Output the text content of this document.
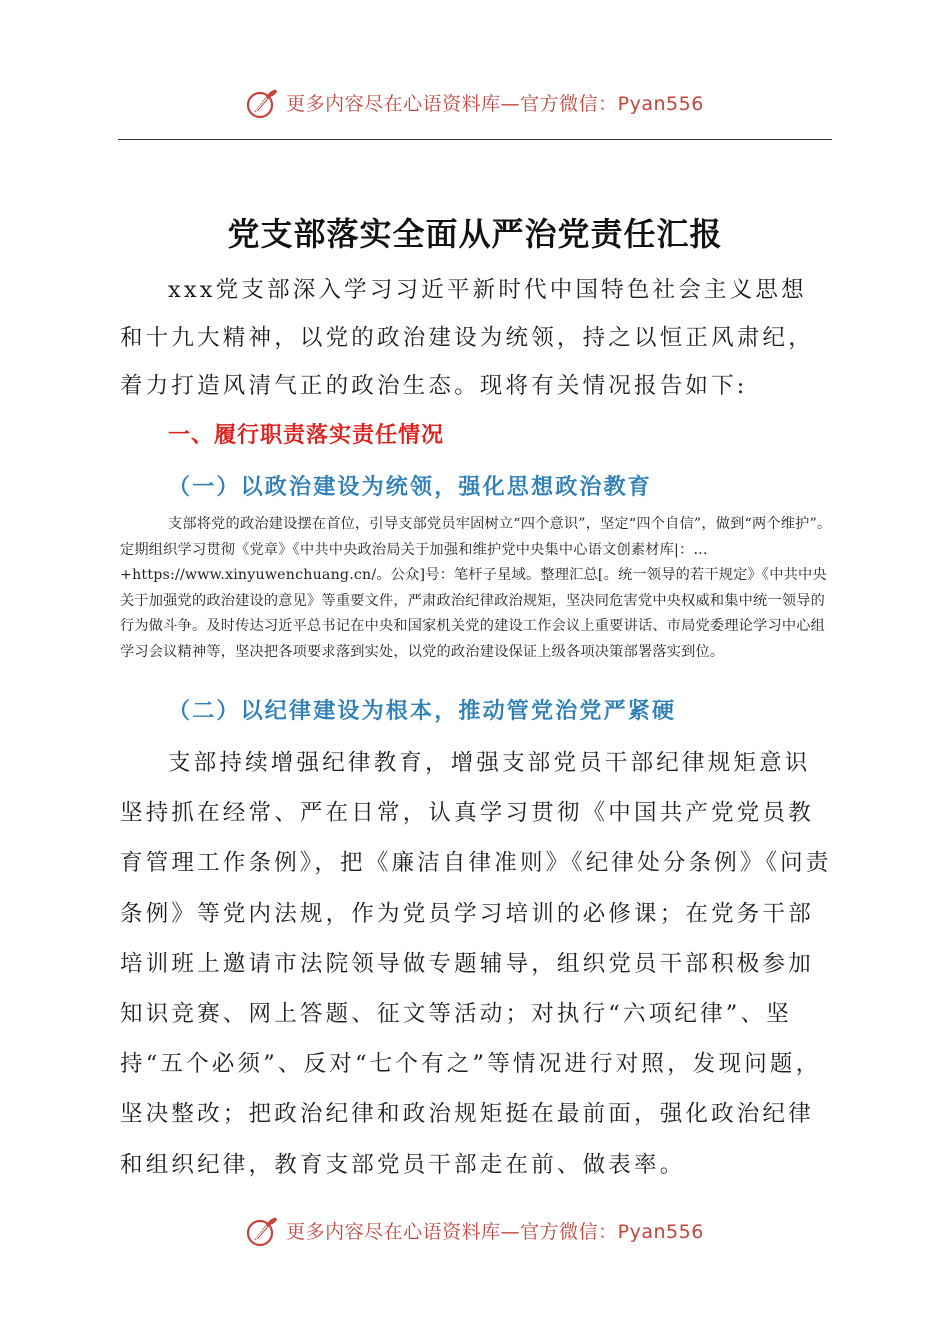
更多内容尽在心语资料库—官方微信：Pyan556
党支部落实全面从严治党责任汇报

xxx党支部深入学习习近平新时代中国特色社会主义思想和十九大精神，以党的政治建设为统领，持之以恒正风肃纪，着力打造风清气正的政治生态。现将有关情况报告如下:

一、履行职责落实责任情况
（一）以政治建设为统领，强化思想政治教育

支部将党的政治建设摆在首位，引导支部党员牢固树立“四个意识”，坚定“四个自信”，做到“两个维护”。定期组织学习贯彻《党章》《中共中央政治局关于加强和维护党中央集中心语文创素材库|：…+https://www.xinyuwenchuang.cn/。公众]号：笔杆子星域。整理汇总[。统一领导的若干规定》《中共中央关于加强党的政治建设的意见》等重要文件，严肃政治纪律政治规矩，坚决同危害党中央权威和集中统一领导的行为做斗争。及时传达习近平总书记在中央和国家机关党的建设工作会议上重要讲话、市局党委理论学习中心组学习会议精神等，坚决把各项要求落到实处，以党的政治建设保证上级各项决策部署落实到位。

（二）以纪律建设为根本，推动管党治党严紧硬

支部持续增强纪律教育，增强支部党员干部纪律规矩意识坚持抓在经常、严在日常，认真学习贯彻《中国共产党党员教育管理工作条例》，把《廉洁自律准则》《纪律处分条例》《问责条例》等党内法规，作为党员学习培训的必修课；在党务干部培训班上邀请市法院领导做专题辅导，组织党员干部积极参加知识竞赛、网上答题、征文等活动；对执行“六项纪律”、坚持“五个必须”、反对“七个有之”等情况进行对照，发现问题，坚决整改；把政治纪律和政治规矩挺在最前面，强化政治纪律和组织纪律，教育支部党员干部走在前、做表率。

更多内容尽在心语资料库—官方微信：Pyan556
